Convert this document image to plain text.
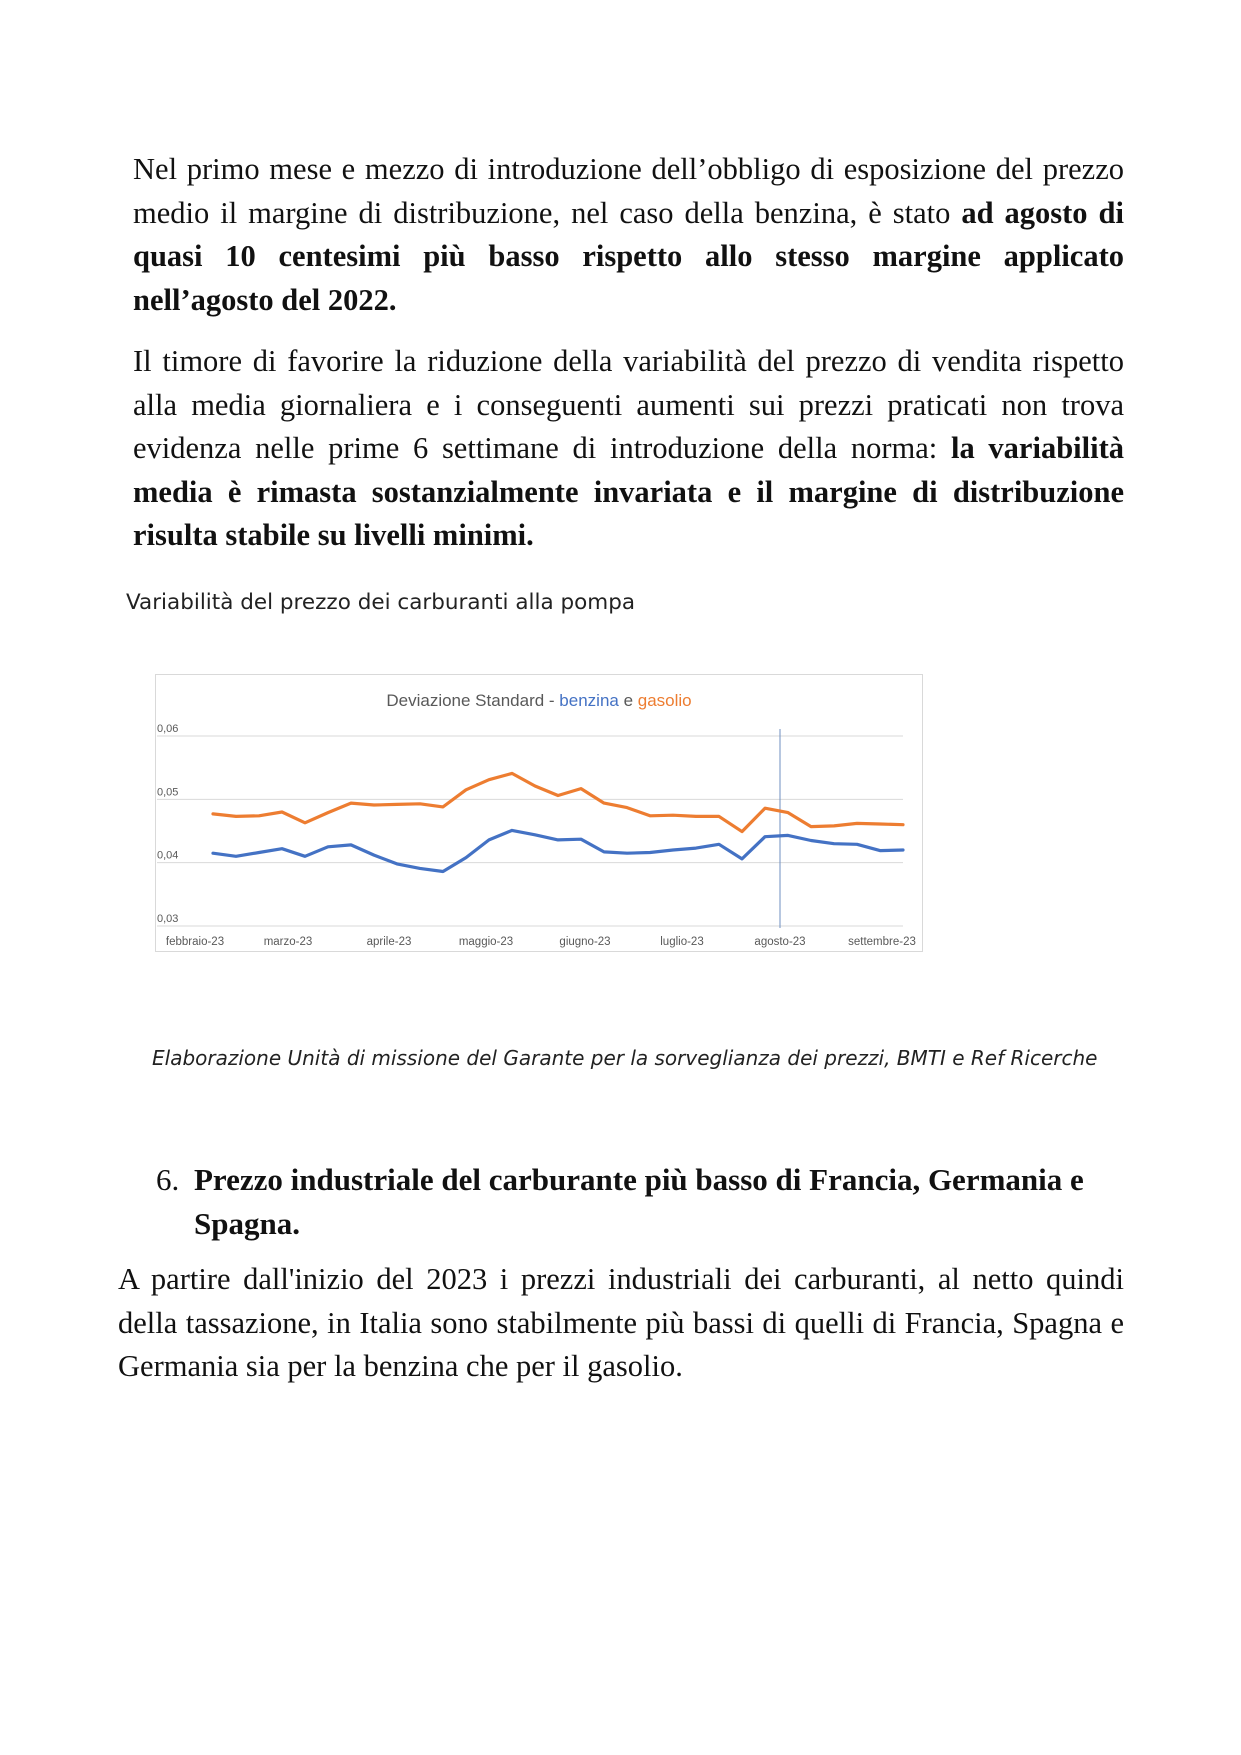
Nel primo mese e mezzo di introduzione dell’obbligo di esposizione del prezzo medio il margine di distribuzione, nel caso della benzina, è stato ad agosto di quasi 10 centesimi più basso rispetto allo stesso margine applicato nell’agosto del 2022.

Il timore di favorire la riduzione della variabilità del prezzo di vendita rispetto alla media giornaliera e i conseguenti aumenti sui prezzi praticati non trova evidenza nelle prime 6 settimane di introduzione della norma: la variabilità media è rimasta sostanzialmente invariata e il margine di distribuzione risulta stabile su livelli minimi.

Variabilità del prezzo dei carburanti alla pompa

Deviazione Standard - benzina e gasolio
0,03
0,04
0,05
0,06
febbraio-23	marzo-23	aprile-23	maggio-23	giugno-23	luglio-23	agosto-23	settembre-23

Elaborazione Unità di missione del Garante per la sorveglianza dei prezzi, BMTI e Ref Ricerche

6. Prezzo industriale del carburante più basso di Francia, Germania e Spagna.

A partire dall'inizio del 2023 i prezzi industriali dei carburanti, al netto quindi della tassazione, in Italia sono stabilmente più bassi di quelli di Francia, Spagna e Germania sia per la benzina che per il gasolio.
